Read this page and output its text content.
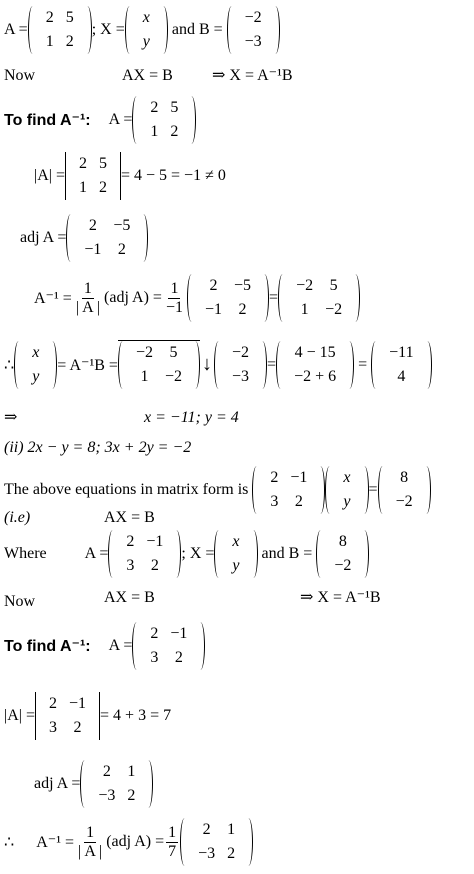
A =
2	5
1	2
; X =
x
y
and B =
−2
−3
Now	AX = B ⇒ X = A⁻¹B
To find A⁻¹: A =
2	5
1	2
|A| =
2	5
1	2
= 4 − 5 = −1 ≠ 0
adj A =
2	−5
−1	2
$A^{-1} = \frac{1}{| A |} (adj$ $A) = \frac{1}{-1} 2$	−5
−1	2
=
−2	5
1	−2
∴
x
y
= A⁻¹B =
−2	5
1	−2
↓
−2
−3
=
4 − 15
−2 + 6
=
−11
4
⇒	x = −11; y = 4
(ii) 2x − y = 8; 3x + 2y = −2
The above equations in matrix form is
2	−1
3	2
x
y
=
8
−2
(i.e)	AX = B
Where A =
2	−1
3	2
; X =
x
y
and B =
8
−2
Now	AX = B	⇒ X = A⁻¹B
To find A⁻¹: A =
2	−1
3	2
|A| =
2	−1
3	2
= 4 + 3 = 7
adj A =
2	1
−3	2
∴ $A^{-1} = \frac{1}{| A |} (adj$ $A) = \frac{1}{7} 2$	1
−3	2
